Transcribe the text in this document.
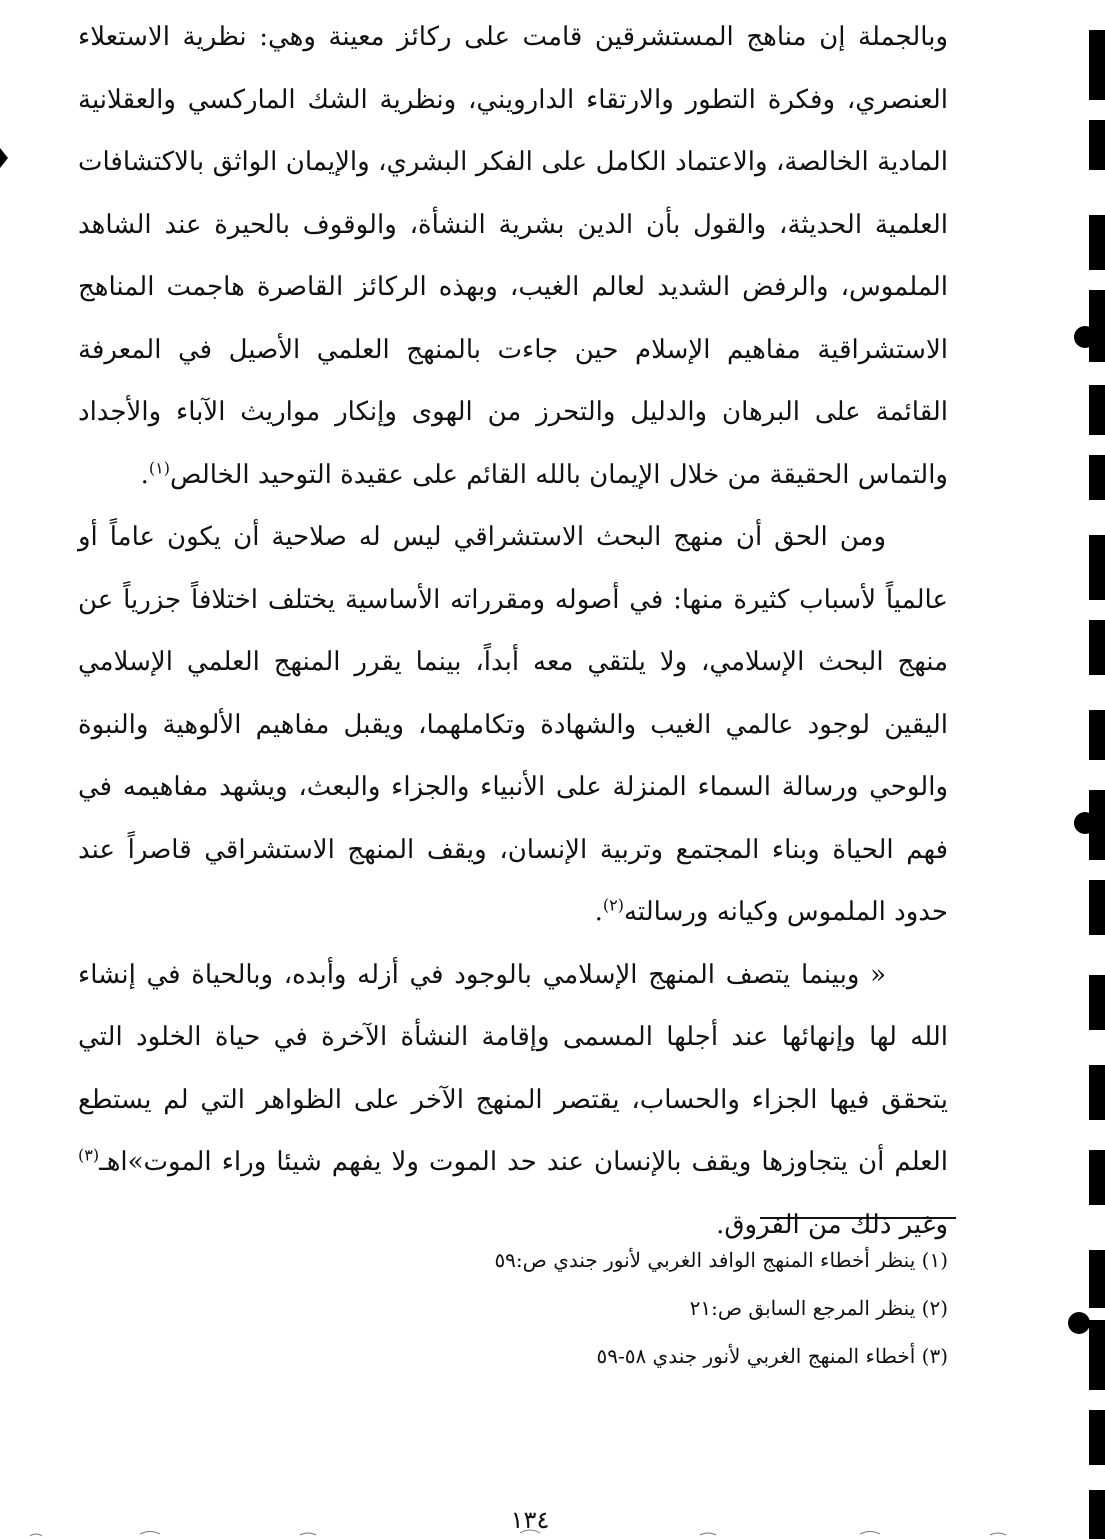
وبالجملة إن مناهج المستشرقين قامت على ركائز معينة وهي: نظرية الاستعلاء العنصري، وفكرة التطور والارتقاء الدارويني، ونظرية الشك الماركسي والعقلانية المادية الخالصة، والاعتماد الكامل على الفكر البشري، والإيمان الواثق بالاكتشافات العلمية الحديثة، والقول بأن الدين بشرية النشأة، والوقوف بالحيرة عند الشاهد الملموس، والرفض الشديد لعالم الغيب، وبهذه الركائز القاصرة هاجمت المناهج الاستشراقية مفاهيم الإسلام حين جاءت بالمنهج العلمي الأصيل في المعرفة القائمة على البرهان والدليل والتحرز من الهوى وإنكار مواريث الآباء والأجداد والتماس الحقيقة من خلال الإيمان بالله القائم على عقيدة التوحيد الخالص$^{(١)}$.

ومن الحق أن منهج البحث الاستشراقي ليس له صلاحية أن يكون عاماً أو عالمياً لأسباب كثيرة منها: في أصوله ومقرراته الأساسية يختلف اختلافاً جزرياً عن منهج البحث الإسلامي، ولا يلتقي معه أبداً، بينما يقرر المنهج العلمي الإسلامي اليقين لوجود عالمي الغيب والشهادة وتكاملهما، ويقبل مفاهيم الألوهية والنبوة والوحي ورسالة السماء المنزلة على الأنبياء والجزاء والبعث، ويشهد مفاهيمه في فهم الحياة وبناء المجتمع وتربية الإنسان، ويقف المنهج الاستشراقي قاصراً عند حدود الملموس وكيانه ورسالته$^{(٢)}$.

« وبينما يتصف المنهج الإسلامي بالوجود في أزله وأبده، وبالحياة في إنشاء الله لها وإنهائها عند أجلها المسمى وإقامة النشأة الآخرة في حياة الخلود التي يتحقق فيها الجزاء والحساب، يقتصر المنهج الآخر على الظواهر التي لم يستطع العلم أن يتجاوزها ويقف بالإنسان عند حد الموت ولا يفهم شيئا وراء الموت»اهـ$^{(٣)}$ وغير ذلك من الفروق.

(١) ينظر أخطاء المنهج الوافد الغربي لأنور جندي ص:٥٩
(٢) ينظر المرجع السابق ص:٢١
(٣) أخطاء المنهج الغربي لأنور جندي ٥٨-٥٩
١٣٤
